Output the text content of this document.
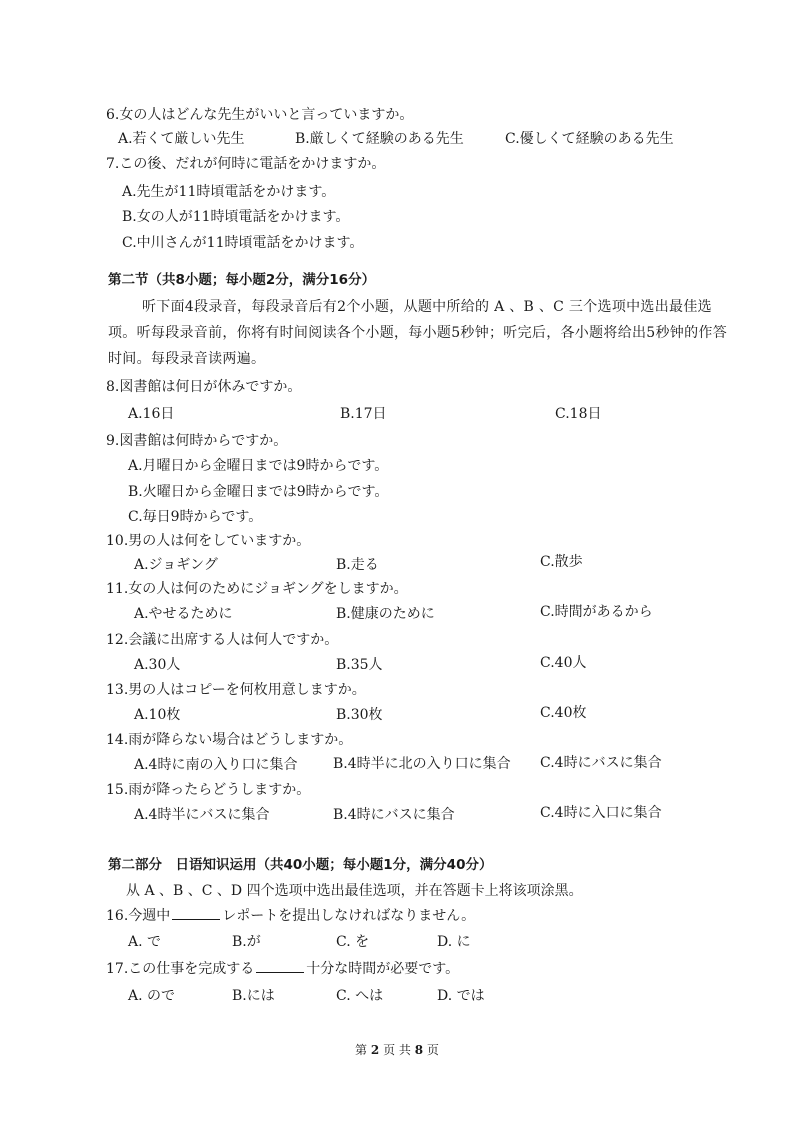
6.女の人はどんな先生がいいと言っていますか。
A.若くて厳しい先生	B.厳しくて経験のある先生	C.優しくて経験のある先生
7.この後、だれが何時に電話をかけますか。
A.先生が11時頃電話をかけます。
B.女の人が11時頃電話をかけます。
C.中川さんが11時頃電話をかけます。
第二节（共8小题；每小题2分，满分16分）
听下面4段录音，每段录音后有2个小题，从题中所给的 A 、B 、C 三个选项中选出最佳选项。听每段录音前，你将有时间阅读各个小题，每小题5秒钟；听完后，各小题将给出5秒钟的作答时间。每段录音读两遍。
8.図書館は何日が休みですか。
A.16日	B.17日	C.18日
9.図書館は何時からですか。
A.月曜日から金曜日までは9時からです。
B.火曜日から金曜日までは9時からです。
C.毎日9時からです。
10.男の人は何をしていますか。
A.ジョギング	B.走る	C.散歩
11.女の人は何のためにジョギングをしますか。
A.やせるために	B.健康のために	C.時間があるから
12.会議に出席する人は何人ですか。
A.30人	B.35人	C.40人
13.男の人はコピーを何枚用意しますか。
A.10枚	B.30枚	C.40枚
14.雨が降らない場合はどうしますか。
A.4時に南の入り口に集合	B.4時半に北の入り口に集合 C.4時にバスに集合
15.雨が降ったらどうしますか。
A.4時半にバスに集合	B.4時にバスに集合	C.4時に入口に集合
第二部分　日语知识运用（共40小题；每小题1分，满分40分）
从 A 、B 、C 、D 四个选项中选出最佳选项，并在答题卡上将该项涂黑。
16.今週中	レポートを提出しなければなりません。
A. で	B.が	C. を	D. に
17.この仕事を完成する	十分な時間が必要です。
A. ので	B.には	C. へは	D. では
第 2 页 共 8 页
